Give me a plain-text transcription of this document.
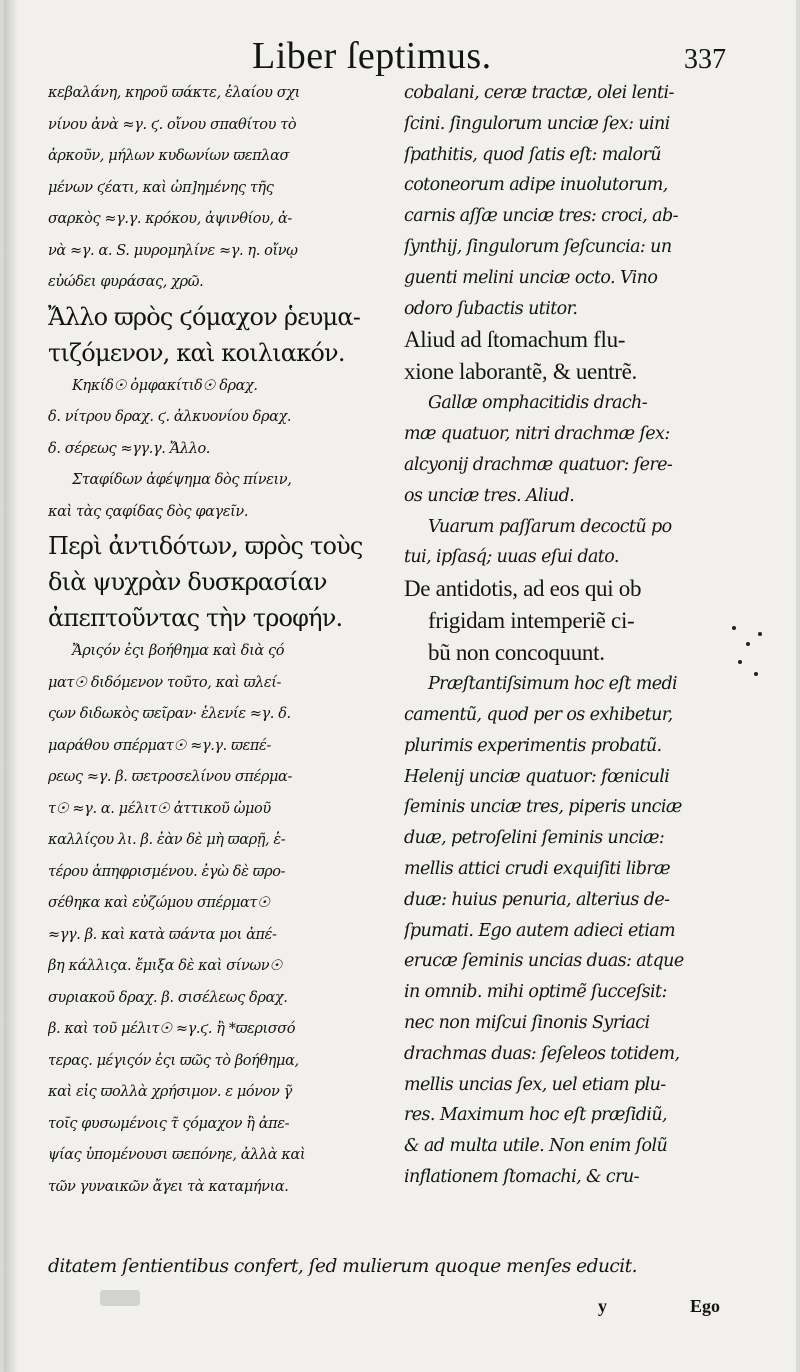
Liber ſeptimus.	337
κεβαλάνη, κηροῦ ϖάκτε, ἐλαίου σχι
νίνου ἀνὰ ≈γ. ϛ. οἴνου σπαθίτου τὸ
ἀρκοῦν, μήλων κυδωνίων ϖεπλασ
μένων ϛέατι, καὶ ὠπ]ημένης τῆς
σαρκὸς ≈γ.γ. κρόκου, ἀψινθίου, ἀ-
νὰ ≈γ. α. S. μυρομηλίνε ≈γ. η. οἴνῳ
εὐώδει φυράσας, χρῶ.
Ἄλλο ϖρὸς ϛόμαχον ῥευμα-
τιζόμενον, καὶ κοιλιακόν.
Κηκίδ☉ ὀμφακίτιδ☉ δραχ.
δ. νίτρου δραχ. ϛ. ἀλκυονίου δραχ.
δ. σέρεως ≈γγ.γ. Ἄλλο.
Σταφίδων ἀφέψημα δὸς πίνειν,
καὶ τὰς ςαφίδας δὸς φαγεῖν.
Περὶ ἀντιδότων, ϖρὸς τοὺς
διὰ ψυχρὰν δυσκρασίαν
ἀπεπτοῦντας τὴν τροφήν.
Ἄριςόν ἐςι βοήθημα καὶ διὰ ςό
ματ☉ διδόμενον τοῦτο, καὶ ϖλεί-
ςων διδωκὸς ϖεῖραν· ἑλενίε ≈γ. δ.
μαράθου σπέρματ☉ ≈γ.γ. ϖεπέ-
ρεως ≈γ. β. ϖετροσελίνου σπέρμα-
τ☉ ≈γ. α. μέλιτ☉ ἀττικοῦ ὠμοῦ
καλλίςου λι. β. ἐὰν δὲ μὴ ϖαρῇ, ἑ-
τέρου ἀπηφρισμένου. ἐγὼ δὲ ϖρο-
σέθηκα καὶ εὐζώμου σπέρματ☉
≈γγ. β. καὶ κατὰ ϖάντα μοι ἀπέ-
βη κάλλιςα. ἔμιξα δὲ καὶ σίνων☉
συριακοῦ δραχ. β. σισέλεως δραχ.
β. καὶ τοῦ μέλιτ☉ ≈γ.ϛ. ἢ *ϖερισσό
τερας. μέγιςόν ἐςι ϖῶς τὸ βοήθημα,
καὶ εἰς ϖολλὰ χρήσιμον. ε μόνον γ̃
τοῖς φυσωμένοις τ̃ ςόμαχον ἢ ἀπε-
ψίας ὑπομένουσι ϖεπόνηε, ἀλλὰ καὶ
τῶν γυναικῶν ἄγει τὰ καταμήνια.
cobalani, ceræ tractæ, olei lenti-
ſcini. ſingulorum unciæ ſex: uini
ſpathitis, quod ſatis eſt: malorũ
cotoneorum adipe inuolutorum,
carnis aſſæ unciæ tres: croci, ab-
ſynthij, ſingulorum ſeſcuncia: un
guenti melini unciæ octo. Vino
odoro ſubactis utitor.
Aliud ad ſtomachum flu-
xione laborantẽ, & uentrẽ.
Gallæ omphacitidis drach-
mæ quatuor, nitri drachmæ ſex:
alcyonij drachmæ quatuor: ſere-
os unciæ tres. Aliud.
Vuarum paſſarum decoctũ po
tui, ipſasq́; uuas eſui dato.
De antidotis, ad eos qui ob
frigidam intemperiẽ ci-
bũ non concoquunt.
Præſtantiſsimum hoc eſt medi
camentũ, quod per os exhibetur,
plurimis experimentis probatũ.
Helenij unciæ quatuor: fœniculi
ſeminis unciæ tres, piperis unciæ
duæ, petroſelini ſeminis unciæ:
mellis attici crudi exquiſiti libræ
duæ: huius penuria, alterius de-
ſpumati. Ego autem adieci etiam
erucæ ſeminis uncias duas: atque
in omnib. mihi optimẽ ſucceſsit:
nec non miſcui ſinonis Syriaci
drachmas duas: ſeſeleos totidem,
mellis uncias ſex, uel etiam plu-
res. Maximum hoc eſt præſidiũ,
& ad multa utile. Non enim ſolũ
inflationem ſtomachi, & cru-
ditatem ſentientibus confert, ſed mulierum quoque menſes educit.
y	Ego
